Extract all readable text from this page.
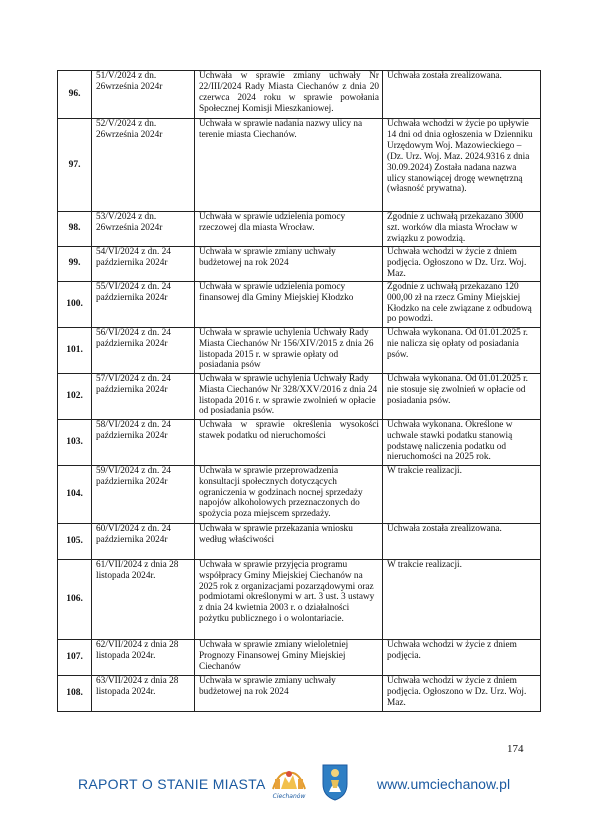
96.	51/V/2024 z dn. 26września 2024r	Uchwała w sprawie zmiany uchwały Nr 22/III/2024 Rady Miasta Ciechanów z dnia 20 czerwca 2024 roku w sprawie powołania Społecznej Komisji Mieszkaniowej.	Uchwała została zrealizowana.
97.	52/V/2024 z dn. 26września 2024r	Uchwała w sprawie nadania nazwy ulicy na terenie miasta Ciechanów.	Uchwała wchodzi w życie po upływie 14 dni od dnia ogłoszenia w Dzienniku Urzędowym Woj. Mazowieckiego – (Dz. Urz. Woj. Maz. 2024.9316 z dnia 30.09.2024) Została nadana nazwa ulicy stanowiącej drogę wewnętrzną (własność prywatna).
98.	53/V/2024 z dn. 26września 2024r	Uchwała w sprawie udzielenia pomocy rzeczowej dla miasta Wrocław.	Zgodnie z uchwałą przekazano 3000 szt. worków dla miasta Wrocław w związku z powodzią.
99.	54/VI/2024 z dn. 24 października 2024r	Uchwała w sprawie zmiany uchwały budżetowej na rok 2024	Uchwała wchodzi w życie z dniem podjęcia. Ogłoszono w Dz. Urz. Woj. Maz.
100.	55/VI/2024 z dn. 24 października 2024r	Uchwała w sprawie udzielenia pomocy finansowej dla Gminy Miejskiej Kłodzko	Zgodnie z uchwałą przekazano 120 000,00 zł na rzecz Gminy Miejskiej Kłodzko na cele związane z odbudową po powodzi.
101.	56/VI/2024 z dn. 24 października 2024r	Uchwała w sprawie uchylenia Uchwały Rady Miasta Ciechanów Nr 156/XIV/2015 z dnia 26 listopada 2015 r. w sprawie opłaty od posiadania psów	Uchwała wykonana. Od 01.01.2025 r. nie nalicza się opłaty od posiadania psów.
102.	57/VI/2024 z dn. 24 października 2024r	Uchwała w sprawie uchylenia Uchwały Rady Miasta Ciechanów Nr 328/XXV/2016 z dnia 24 listopada 2016 r. w sprawie zwolnień w opłacie od posiadania psów.	Uchwała wykonana. Od 01.01.2025 r. nie stosuje się zwolnień w opłacie od posiadania psów.
103.	58/VI/2024 z dn. 24 października 2024r	Uchwała w sprawie określenia wysokości stawek podatku od nieruchomości	Uchwała wykonana. Określone w uchwale stawki podatku stanowią podstawę naliczenia podatku od nieruchomości na 2025 rok.
104.	59/VI/2024 z dn. 24 października 2024r	Uchwała w sprawie przeprowadzenia konsultacji społecznych dotyczących ograniczenia w godzinach nocnej sprzedaży napojów alkoholowych przeznaczonych do spożycia poza miejscem sprzedaży.	W trakcie realizacji.
105.	60/VI/2024 z dn. 24 października 2024r	Uchwała w sprawie przekazania wniosku według właściwości	Uchwała została zrealizowana.
106.	61/VII/2024 z dnia 28 listopada 2024r.	Uchwała w sprawie przyjęcia programu współpracy Gminy Miejskiej Ciechanów na 2025 rok z organizacjami pozarządowymi oraz podmiotami określonymi w art. 3 ust. 3 ustawy z dnia 24 kwietnia 2003 r. o działalności pożytku publicznego i o wolontariacie.	W trakcie realizacji.
107.	62/VII/2024 z dnia 28 listopada 2024r.	Uchwała w sprawie zmiany wieloletniej Prognozy Finansowej Gminy Miejskiej Ciechanów	Uchwała wchodzi w życie z dniem podjęcia.
108.	63/VII/2024 z dnia 28 listopada 2024r.	Uchwała w sprawie zmiany uchwały budżetowej na rok 2024	Uchwała wchodzi w życie z dniem podjęcia. Ogłoszono w Dz. Urz. Woj. Maz.
174
RAPORT O STANIE MIASTA
Ciechanów
www.umciechanow.pl
